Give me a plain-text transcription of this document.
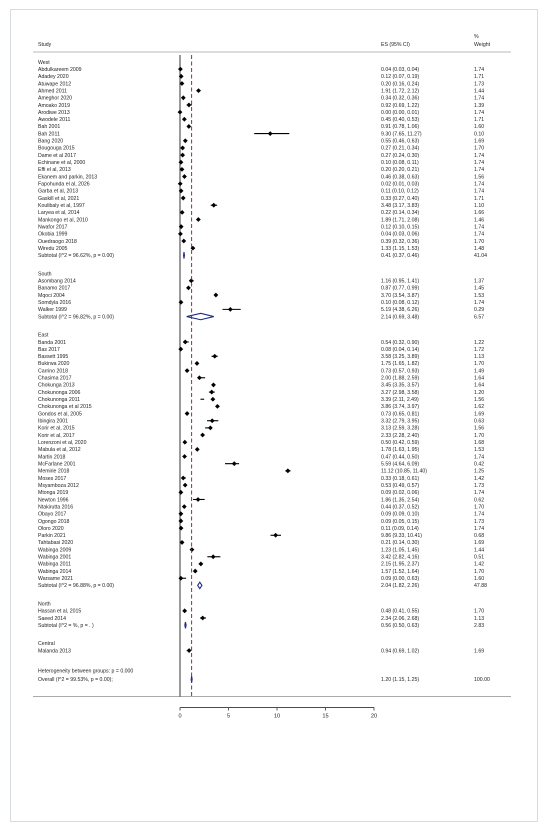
Study	ES (95% CI)
%
Weight
West
Abdulkareem 2009	0.04 (0.03, 0.04)	1.74
Adadey 2020	0.12 (0.07, 0.19)	1.71
Atuwape 2012	0.20 (0.16, 0.24)	1.73
Ahmed 2011	1.91 (1.72, 2.12)	1.44
Ameghor 2020	0.34 (0.32, 0.36)	1.74
Amoako 2019	0.92 (0.69, 1.22)	1.39
Arodiwe 2013	0.00 (0.00, 0.01)	1.74
Awodele 2011	0.45 (0.40, 0.53)	1.71
Bah 2001	0.91 (0.78, 1.06)	1.60
Bah 2011	9.30 (7.65, 11.27)	0.10
Bang 2020	0.55 (0.46, 0.63)	1.69
Bougouga 2015	0.27 (0.21, 0.34)	1.70
Dame et al 2017	0.27 (0.24, 0.30)	1.74
Echinane et al, 2000	0.10 (0.08, 0.11)	1.74
Effi el al, 2013	0.20 (0.20, 0.21)	1.74
Ekanem and parkin, 2013	0.46 (0.38, 0.63)	1.56
Fapohunda el al, 2026	0.02 (0.01, 0.03)	1.74
Garba et al, 2013	0.11 (0.10, 0.12)	1.74
Gaskill et al, 2021	0.33 (0.27, 0.40)	1.71
Koulibaly et al, 1997	3.48 (3.17, 3.83)	1.10
Laryea et al, 2014	0.22 (0.14, 0.34)	1.66
Mankongo et al, 2010	1.89 (1.71, 2.08)	1.46
Nwafor 2017	0.12 (0.10, 0.15)	1.74
Okobia 1999	0.04 (0.03, 0.06)	1.74
Ouedraogo 2018	0.39 (0.32, 0.36)	1.70
Wiredu 2005	1.33 (1.15, 1.53)	1.48
Subtotal (I^2 = 96.62%, p = 0.00)	0.41 (0.37, 0.46)	41.04
South
Asombang 2014	1.16 (0.95, 1.41)	1.37
Banamo 2017	0.87 (0.77, 0.99)	1.45
Mqoci 2004	3.70 (3.54, 3.87)	1.53
Somdyla 2016	0.10 (0.08, 0.12)	1.74
Walker 1999	5.19 (4.38, 6.26)	0.29
Subtotal (I^2 = 96.82%, p = 0.00)	2.14 (0.69, 3.48)	6.57
East
Banda 2001	0.54 (0.32, 0.90)	1.22
Bas 2017	0.08 (0.04, 0.14)	1.72
Bassett 1995	3.58 (3.25, 3.89)	1.13
Bukirwa 2020	1.75 (1.65, 1.82)	1.70
Carrino 2018	0.73 (0.57, 0.93)	1.49
Chasima 2017	2.00 (1.88, 2.59)	1.64
Chokunga 2013	3.45 (3.35, 3.57)	1.64
Chokunonga 2006	3.27 (2.98, 3.58)	1.20
Chokunonga 2011	3.39 (2.11, 2.49)	1.56
Chokunonga et al 2015	3.86 (3.74, 3.97)	1.62
Gondos et al, 2005	0.73 (0.65, 0.81)	1.69
Ibingira 2001	3.32 (2.79, 3.95)	0.63
Korir et al, 2015	3.13 (2.59, 3.28)	1.56
Korir et al, 2017	2.33 (2.28, 2.40)	1.70
Lorenzoni et al, 2020	0.50 (0.42, 0.59)	1.68
Mabula et al, 2012	1.78 (1.63, 1.95)	1.53
Martin 2018	0.47 (0.44, 0.50)	1.74
McFarlane 2001	5.59 (4.64, 6.09)	0.42
Memirie 2018	11.12 (10.85, 11.40)	1.25
Moses 2017	0.33 (0.18, 0.61)	1.42
Msyamboza 2012	0.53 (0.49, 0.57)	1.73
Mtonga 2019	0.09 (0.02, 0.06)	1.74
Newton 1996	1.86 (1.35, 2.54)	0.62
Ntakirutta 2016	0.44 (0.37, 0.52)	1.70
Obayo 2017	0.09 (0.09, 0.10)	1.74
Ogongo 2018	0.09 (0.05, 0.15)	1.73
Oloro 2020	0.11 (0.09, 0.14)	1.74
Parkin 2021	9.86 (9.33, 10.41)	0.68
Tahtabasi 2020	0.21 (0.14, 0.30)	1.69
Wabinga 2009	1.23 (1.05, 1.45)	1.44
Wabinga 2001	3.42 (2.82, 4.16)	0.51
Wabinga 2011	2.15 (1.95, 2.37)	1.42
Wabinga 2014	1.57 (1.52, 1.64)	1.70
Warsame 2021	0.09 (0.00, 0.63)	1.60
Subtotal (I^2 = 96.88%, p = 0.00)	2.04 (1.82, 2.26)	47.88
North
Hassan et al, 2015	0.48 (0.41, 0.55)	1.70
Saeed 2014	2.34 (2.06, 2.68)	1.13
Subtotal (I^2 = %, p = . )	0.56 (0.50, 0.63)	2.83
Central
Malanda 2013	0.94 (0.69, 1.02)	1.69
Heterogeneity between groups: p = 0.000
Overall (I^2 = 99.53%, p = 0.00);	1.20 (1.15, 1.25)	100.00
0	5	10	15	20
